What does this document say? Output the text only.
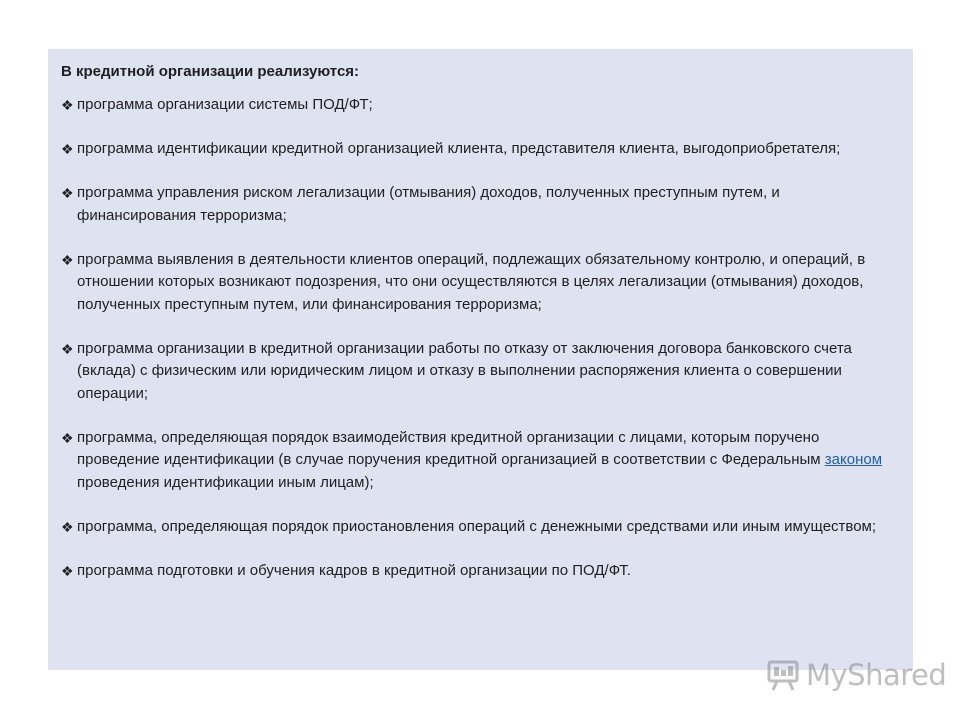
В кредитной организации реализуются:
❖ программа организации системы ПОД/ФТ;
❖ программа идентификации кредитной организацией клиента, представителя клиента, выгодоприобретателя;
❖ программа управления риском легализации (отмывания) доходов, полученных преступным путем, и финансирования терроризма;
❖ программа выявления в деятельности клиентов операций, подлежащих обязательному контролю, и операций, в отношении которых возникают подозрения, что они осуществляются в целях легализации (отмывания) доходов, полученных преступным путем, или финансирования терроризма;
❖ программа организации в кредитной организации работы по отказу от заключения договора банковского счета (вклада) с физическим или юридическим лицом и отказу в выполнении распоряжения клиента о совершении операции;
❖ программа, определяющая порядок взаимодействия кредитной организации с лицами, которым поручено проведение идентификации (в случае поручения кредитной организацией в соответствии с Федеральным законом проведения идентификации иным лицам);
❖ программа, определяющая порядок приостановления операций с денежными средствами или иным имуществом;
❖ программа подготовки и обучения кадров в кредитной организации по ПОД/ФТ.
MyShared
